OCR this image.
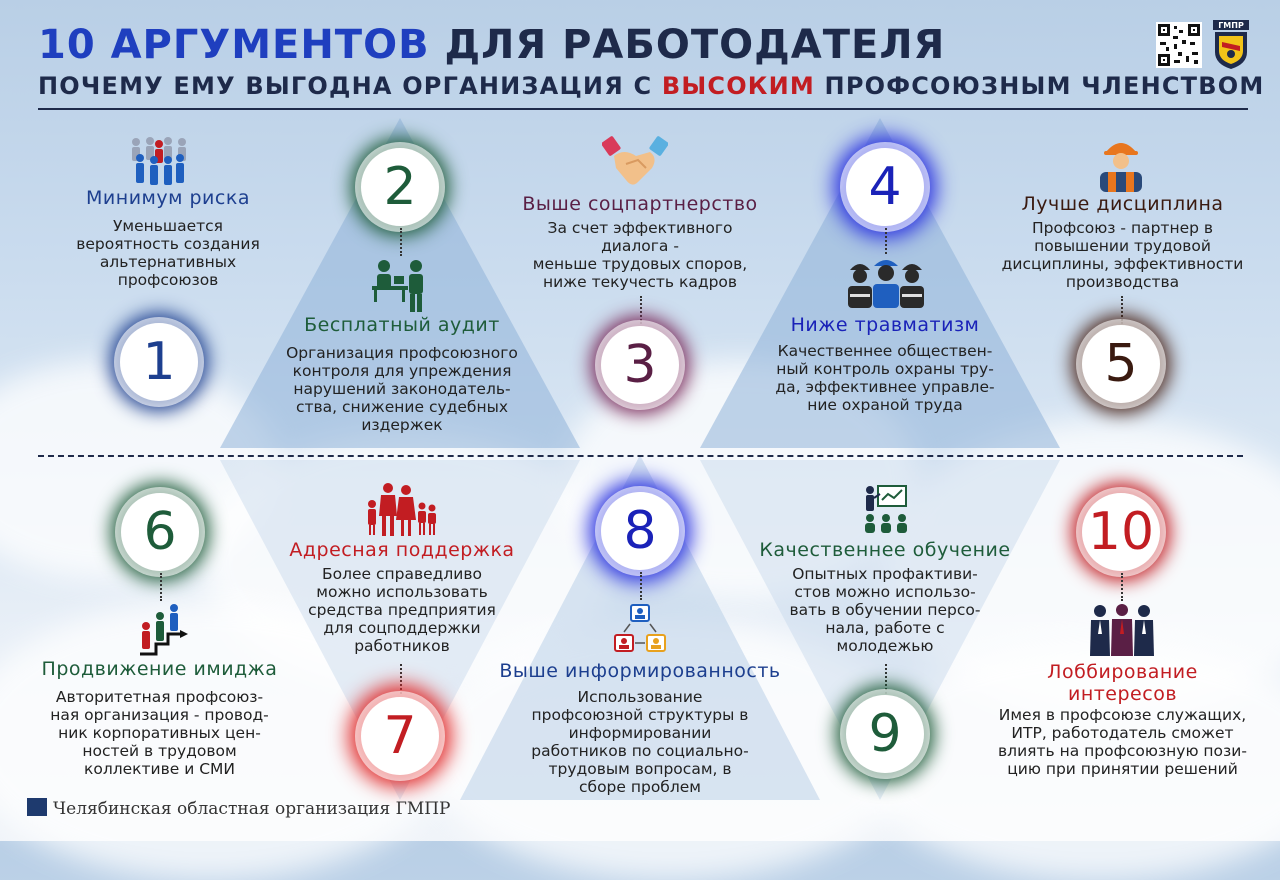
10 АРГУМЕНТОВ ДЛЯ РАБОТОДАТЕЛЯ
ПОЧЕМУ ЕМУ ВЫГОДНА ОРГАНИЗАЦИЯ С ВЫСОКИМ ПРОФСОЮЗНЫМ ЧЛЕНСТВОМ
ГМПР
Минимум риска
Уменьшается
вероятность создания
альтернативных
профсоюзов
1
2
Бесплатный аудит
Организация профсоюзного
контроля для упреждения
нарушений законодатель-
ства, снижение судебных
издержек
Выше соцпартнерство
За счет эффективного
диалога -
меньше трудовых споров,
ниже текучесть кадров
3
4
Ниже травматизм
Качественнее обществен-
ный контроль охраны тру-
да, эффективнее управле-
ние охраной труда
Лучше дисциплина
Профсоюз - партнер в
повышении трудовой
дисциплины, эффективности
производства
5
6
Продвижение имиджа
Авторитетная профсоюз-
ная организация - провод-
ник корпоративных цен-
ностей в трудовом
коллективе и СМИ
Адресная поддержка
Более справедливо
можно использовать
средства предприятия
для соцподдержки
работников
7
8
Выше информированность
Использование
профсоюзной структуры в
информировании
работников по социально-
трудовым вопросам, в
сборе проблем
Качественнее обучение
Опытных профактиви-
стов можно использо-
вать в обучении персо-
нала, работе с
молодежью
9
10
Лоббирование интересов
Имея в профсоюзе служащих,
ИТР, работодатель сможет
влиять на профсоюзную пози-
цию при принятии решений
Челябинская областная организация ГМПР
